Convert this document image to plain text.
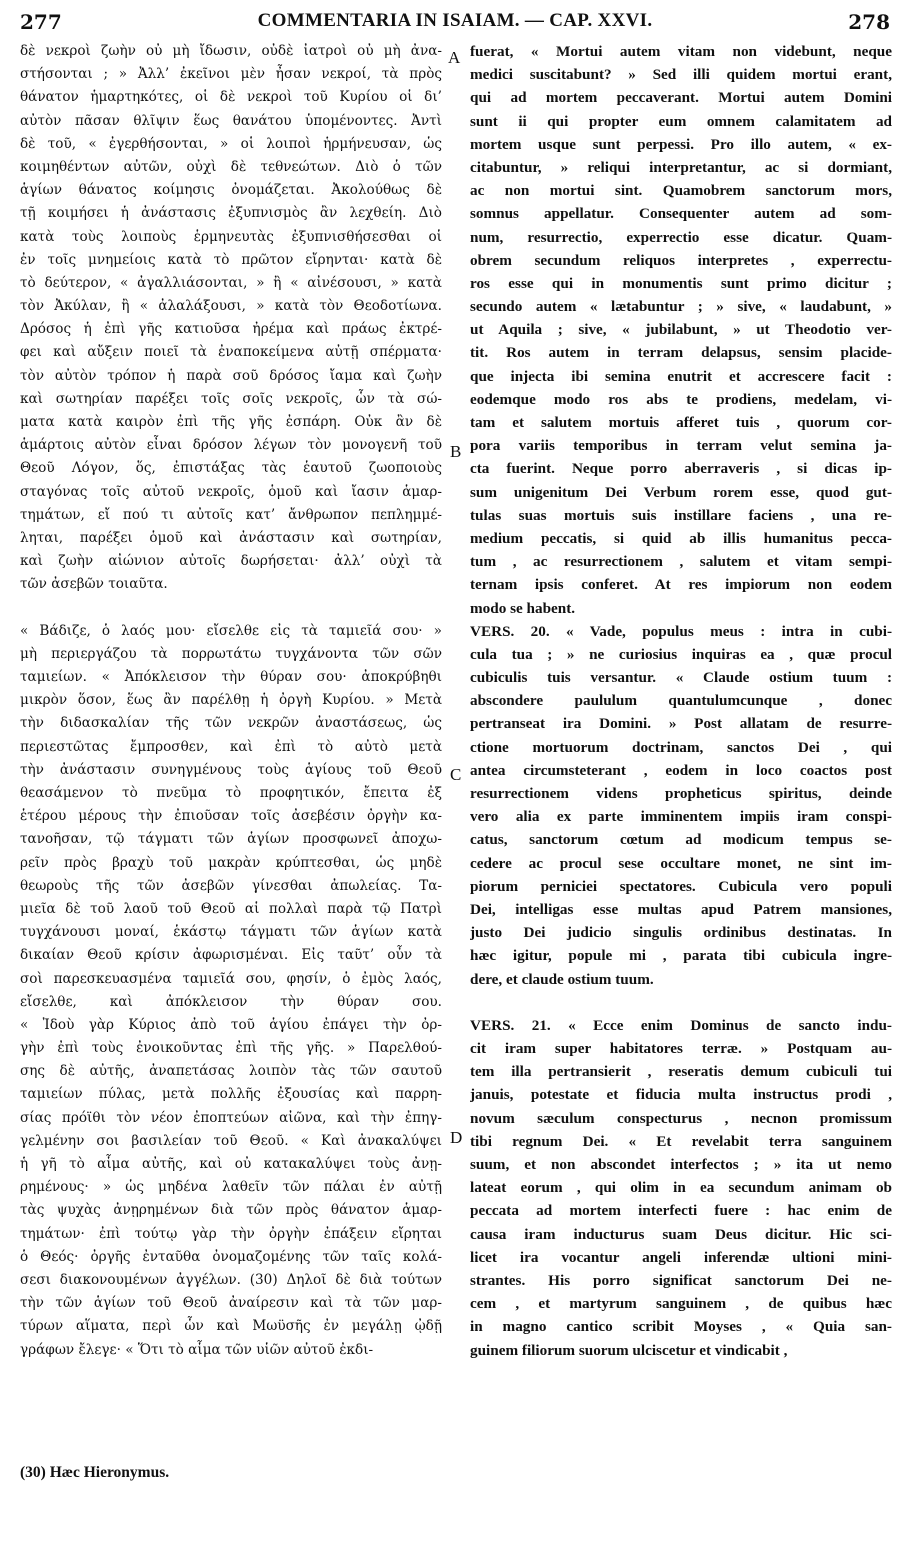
277	COMMENTARIA IN ISAIAM. — CAP. XXVI.	278
A
B
C
D
δὲ νεκροὶ ζωὴν οὐ μὴ ἴδωσιν, οὐδὲ ἰατροὶ οὐ μὴ ἀνα-
στήσονται ; » Ἀλλ’ ἐκεῖνοι μὲν ἦσαν νεκροί, τὰ πρὸς
θάνατον ἡμαρτηκότες, οἱ δὲ νεκροὶ τοῦ Κυρίου οἱ δι’
αὐτὸν πᾶσαν θλῖψιν ἕως θανάτου ὑπομένοντες. Ἀντὶ
δὲ τοῦ, « ἐγερθήσονται, » οἱ λοιποὶ ἡρμήνευσαν, ὡς
κοιμηθέντων αὐτῶν, οὐχὶ δὲ τεθνεώτων. Διὸ ὁ τῶν
ἁγίων θάνατος κοίμησις ὀνομάζεται. Ἀκολούθως δὲ
τῇ κοιμήσει ἡ ἀνάστασις ἐξυπνισμὸς ἂν λεχθείη. Διὸ
κατὰ τοὺς λοιποὺς ἑρμηνευτὰς ἐξυπνισθήσεσθαι οἱ
ἐν τοῖς μνημείοις κατὰ τὸ πρῶτον εἴρηνται· κατὰ δὲ
τὸ δεύτερον, « ἀγαλλιάσονται, » ἢ « αἰνέσουσι, » κατὰ
τὸν Ἀκύλαν, ἢ « ἀλαλάξουσι, » κατὰ τὸν Θεοδοτίωνα.
Δρόσος ἡ ἐπὶ γῆς κατιοῦσα ἠρέμα καὶ πράως ἐκτρέ-
φει καὶ αὔξειν ποιεῖ τὰ ἐναποκείμενα αὐτῇ σπέρματα·
τὸν αὐτὸν τρόπον ἡ παρὰ σοῦ δρόσος ἴαμα καὶ ζωὴν
καὶ σωτηρίαν παρέξει τοῖς σοῖς νεκροῖς, ὧν τὰ σώ-
ματα κατὰ καιρὸν ἐπὶ τῆς γῆς ἐσπάρη. Οὐκ ἂν δὲ
ἁμάρτοις αὐτὸν εἶναι δρόσον λέγων τὸν μονογενῆ τοῦ
Θεοῦ Λόγον, ὅς, ἐπιστάξας τὰς ἑαυτοῦ ζωοποιοὺς
σταγόνας τοῖς αὐτοῦ νεκροῖς, ὁμοῦ καὶ ἴασιν ἁμαρ-
τημάτων, εἴ πού τι αὐτοῖς κατ’ ἄνθρωπον πεπλημμέ-
ληται, παρέξει ὁμοῦ καὶ ἀνάστασιν καὶ σωτηρίαν,
καὶ ζωὴν αἰώνιον αὐτοῖς δωρήσεται· ἀλλ’ οὐχὶ τὰ
τῶν ἀσεβῶν τοιαῦτα.
« Βάδιζε, ὁ λαός μου· εἴσελθε εἰς τὰ ταμιεῖά σου· »
μὴ περιεργάζου τὰ πορρωτάτω τυγχάνοντα τῶν σῶν
ταμιείων. « Ἀπόκλεισον τὴν θύραν σου· ἀποκρύβηθι
μικρὸν ὅσον, ἕως ἂν παρέλθῃ ἡ ὀργὴ Κυρίου. » Μετὰ
τὴν διδασκαλίαν τῆς τῶν νεκρῶν ἀναστάσεως, ὡς
περιεστῶτας ἔμπροσθεν, καὶ ἐπὶ τὸ αὐτὸ μετὰ
τὴν ἀνάστασιν συνηγμένους τοὺς ἁγίους τοῦ Θεοῦ
θεασάμενον τὸ πνεῦμα τὸ προφητικόν, ἔπειτα ἐξ
ἑτέρου μέρους τὴν ἐπιοῦσαν τοῖς ἀσεβέσιν ὀργὴν κα-
τανοῆσαν, τῷ τάγματι τῶν ἁγίων προσφωνεῖ ἀποχω-
ρεῖν πρὸς βραχὺ τοῦ μακρὰν κρύπτεσθαι, ὡς μηδὲ
θεωροὺς τῆς τῶν ἀσεβῶν γίνεσθαι ἀπωλείας. Τα-
μιεῖα δὲ τοῦ λαοῦ τοῦ Θεοῦ αἱ πολλαὶ παρὰ τῷ Πατρὶ
τυγχάνουσι μοναί, ἑκάστῳ τάγματι τῶν ἁγίων κατὰ
δικαίαν Θεοῦ κρίσιν ἀφωρισμέναι. Εἰς ταῦτ’ οὖν τὰ
σοὶ παρεσκευασμένα ταμιεῖά σου, φησίν, ὁ ἐμὸς λαός,
εἴσελθε, καὶ ἀπόκλεισον τὴν θύραν σου.
« Ἰδοὺ γὰρ Κύριος ἀπὸ τοῦ ἁγίου ἐπάγει τὴν ὀρ-
γὴν ἐπὶ τοὺς ἐνοικοῦντας ἐπὶ τῆς γῆς. » Παρελθού-
σης δὲ αὐτῆς, ἀναπετάσας λοιπὸν τὰς τῶν σαυτοῦ
ταμιείων πύλας, μετὰ πολλῆς ἐξουσίας καὶ παρρη-
σίας πρόϊθι τὸν νέον ἐποπτεύων αἰῶνα, καὶ τὴν ἐπηγ-
γελμένην σοι βασιλείαν τοῦ Θεοῦ. « Καὶ ἀνακαλύψει
ἡ γῆ τὸ αἷμα αὐτῆς, καὶ οὐ κατακαλύψει τοὺς ἀνῃ-
ρημένους· » ὡς μηδένα λαθεῖν τῶν πάλαι ἐν αὐτῇ
τὰς ψυχὰς ἀνῃρημένων διὰ τῶν πρὸς θάνατον ἁμαρ-
τημάτων· ἐπὶ τούτῳ γὰρ τὴν ὀργὴν ἐπάξειν εἴρηται
ὁ Θεός· ὀργῆς ἐνταῦθα ὀνομαζομένης τῶν ταῖς κολά-
σεσι διακονουμένων ἀγγέλων. (30) Δηλοῖ δὲ διὰ τούτων
τὴν τῶν ἁγίων τοῦ Θεοῦ ἀναίρεσιν καὶ τὰ τῶν μαρ-
τύρων αἵματα, περὶ ὧν καὶ Μωϋσῆς ἐν μεγάλῃ ᾠδῇ
γράφων ἔλεγε· « Ὅτι τὸ αἷμα τῶν υἱῶν αὐτοῦ ἐκδι-
fuerat, « Mortui autem vitam non videbunt, neque
medici suscitabunt? » Sed illi quidem mortui erant,
qui ad mortem peccaverant. Mortui autem Domini
sunt ii qui propter eum omnem calamitatem ad
mortem usque sunt perpessi. Pro illo autem, « ex-
citabuntur, » reliqui interpretantur, ac si dormiant,
ac non mortui sint. Quamobrem sanctorum mors,
somnus appellatur. Consequenter autem ad som-
num, resurrectio, experrectio esse dicatur. Quam-
obrem secundum reliquos interpretes , experrectu-
ros esse qui in monumentis sunt primo dicitur ;
secundo autem « lætabuntur ; » sive, « laudabunt, »
ut Aquila ; sive, « jubilabunt, » ut Theodotio ver-
tit. Ros autem in terram delapsus, sensim placide-
que injecta ibi semina enutrit et accrescere facit :
eodemque modo ros abs te prodiens, medelam, vi-
tam et salutem mortuis afferet tuis , quorum cor-
pora variis temporibus in terram velut semina ja-
cta fuerint. Neque porro aberraveris , si dicas ip-
sum unigenitum Dei Verbum rorem esse, quod gut-
tulas suas mortuis suis instillare faciens , una re-
medium peccatis, si quid ab illis humanitus pecca-
tum , ac resurrectionem , salutem et vitam sempi-
ternam ipsis conferet. At res impiorum non eodem
modo se habent.
VERS. 20. « Vade, populus meus : intra in cubi-
cula tua ; » ne curiosius inquiras ea , quæ procul
cubiculis tuis versantur. « Claude ostium tuum :
abscondere paululum quantulumcunque , donec
pertranseat ira Domini. » Post allatam de resurre-
ctione mortuorum doctrinam, sanctos Dei , qui
antea circumsteterant , eodem in loco coactos post
resurrectionem videns propheticus spiritus, deinde
vero alia ex parte imminentem impiis iram conspi-
catus, sanctorum cœtum ad modicum tempus se-
cedere ac procul sese occultare monet, ne sint im-
piorum perniciei spectatores. Cubicula vero populi
Dei, intelligas esse multas apud Patrem mansiones,
justo Dei judicio singulis ordinibus destinatas. In
hæc igitur, popule mi , parata tibi cubicula ingre-
dere, et claude ostium tuum.
VERS. 21. « Ecce enim Dominus de sancto indu-
cit iram super habitatores terræ. » Postquam au-
tem illa pertransierit , reseratis demum cubiculi tui
januis, potestate et fiducia multa instructus prodi ,
novum sæculum conspecturus , necnon promissum
tibi regnum Dei. « Et revelabit terra sanguinem
suum, et non abscondet interfectos ; » ita ut nemo
lateat eorum , qui olim in ea secundum animam ob
peccata ad mortem interfecti fuere : hac enim de
causa iram inducturus suam Deus dicitur. Hic sci-
licet ira vocantur angeli inferendæ ultioni mini-
strantes. His porro significat sanctorum Dei ne-
cem , et martyrum sanguinem , de quibus hæc
in magno cantico scribit Moyses , « Quia san-
guinem filiorum suorum ulciscetur et vindicabit ,
(30) Hæc Hieronymus.
